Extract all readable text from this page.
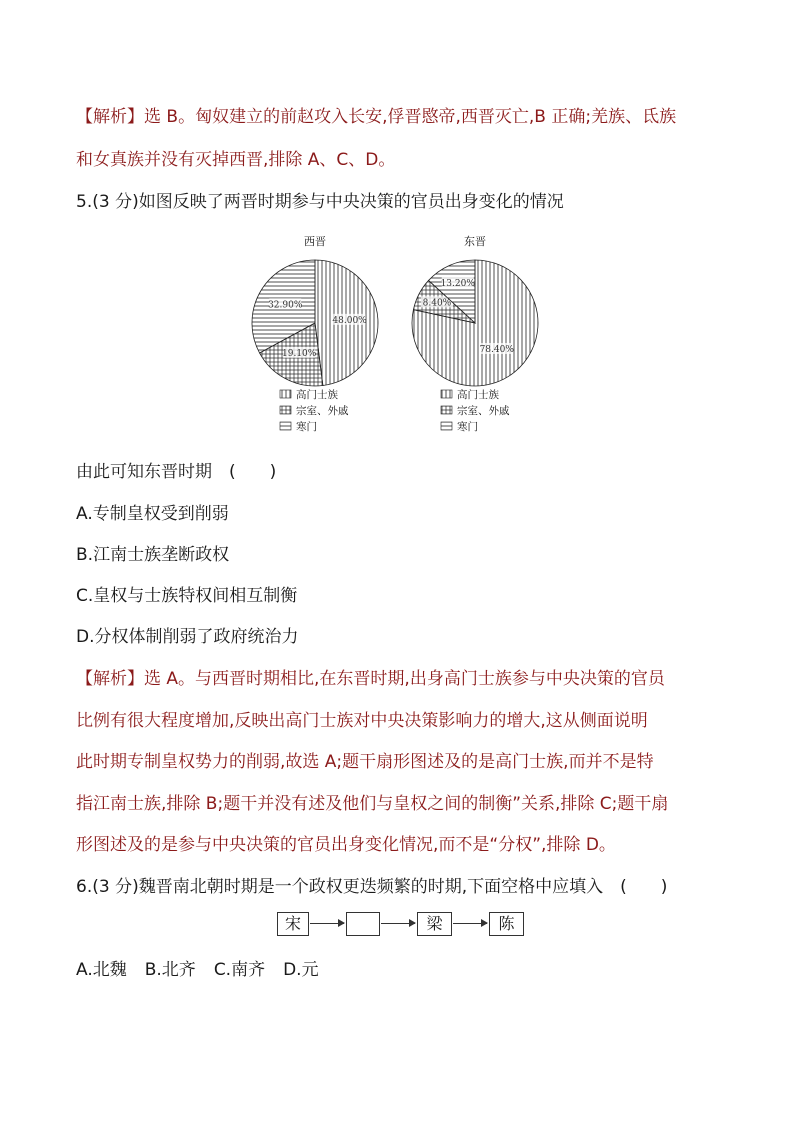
【解析】选 B。匈奴建立的前赵攻入长安,俘晋愍帝,西晋灭亡,B 正确;羌族、氐族
和女真族并没有灭掉西晋,排除 A、C、D。
5.(3 分)如图反映了两晋时期参与中央决策的官员出身变化的情况
西晋
48.00%
19.10%
32.90%
高门士族
宗室、外戚
寒门
东晋
78.40%
8.40%
13.20%
高门士族
宗室、外戚
寒门
由此可知东晋时期　(　　)
A.专制皇权受到削弱
B.江南士族垄断政权
C.皇权与士族特权间相互制衡
D.分权体制削弱了政府统治力
【解析】选 A。与西晋时期相比,在东晋时期,出身高门士族参与中央决策的官员
比例有很大程度增加,反映出高门士族对中央决策影响力的增大,这从侧面说明
此时期专制皇权势力的削弱,故选 A;题干扇形图述及的是高门士族,而并不是特
指江南士族,排除 B;题干并没有述及他们与皇权之间的制衡”关系,排除 C;题干扇
形图述及的是参与中央决策的官员出身变化情况,而不是“分权”,排除 D。
6.(3 分)魏晋南北朝时期是一个政权更迭频繁的时期,下面空格中应填入　(　　)
宋	梁	陈
A.北魏 B.北齐 C.南齐 D.元
